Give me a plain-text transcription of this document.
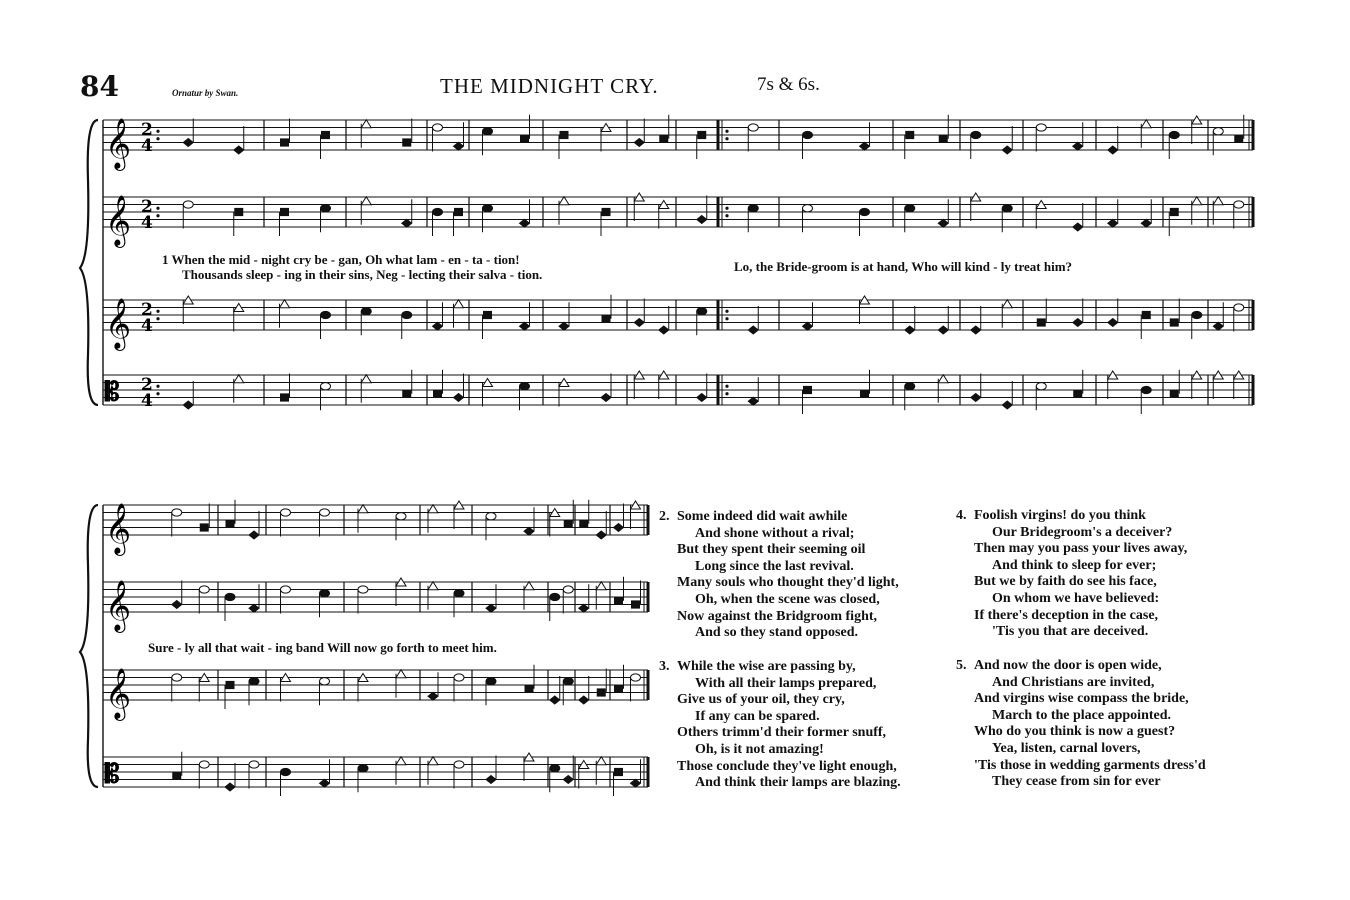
84	Ornatur by Swan.	THE MIDNIGHT CRY.	7s & 6s.
𝄞 2
4
𝄞 2
4
𝄞 2
4
𝄡 2
4
𝄞
𝄞
𝄞
𝄡
1 When the mid - night cry be - gan, Oh what lam - en - ta - tion!
Thousands sleep - ing in their sins, Neg - lecting their salva - tion.
Lo, the Bride-groom is at hand, Who will kind - ly treat him?
Sure - ly all that wait - ing band Will now go forth to meet him.
2. Some indeed did wait awhile
And shone without a rival;
But they spent their seeming oil
Long since the last revival.
Many souls who thought they'd light,
Oh, when the scene was closed,
Now against the Bridgroom fight,
And so they stand opposed.
3. While the wise are passing by,
With all their lamps prepared,
Give us of your oil, they cry,
If any can be spared.
Others trimm'd their former snuff,
Oh, is it not amazing!
Those conclude they've light enough,
And think their lamps are blazing.
4. Foolish virgins! do you think
Our Bridegroom's a deceiver?
Then may you pass your lives away,
And think to sleep for ever;
But we by faith do see his face,
On whom we have believed:
If there's deception in the case,
'Tis you that are deceived.
5. And now the door is open wide,
And Christians are invited,
And virgins wise compass the bride,
March to the place appointed.
Who do you think is now a guest?
Yea, listen, carnal lovers,
'Tis those in wedding garments dress'd
They cease from sin for ever
